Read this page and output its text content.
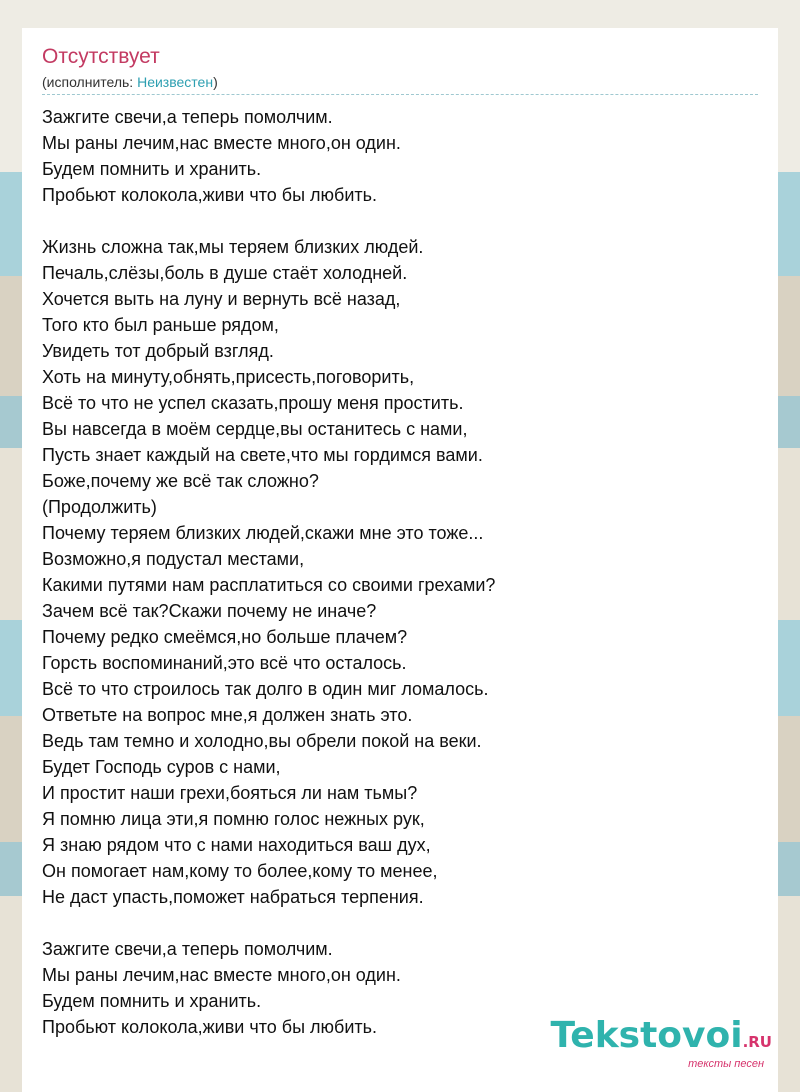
Отсутствует
(исполнитель: Неизвестен)
Зажгите свечи,а теперь помолчим.
Мы раны лечим,нас вместе много,он один.
Будем помнить и хранить.
Пробьют колокола,живи что бы любить.
Жизнь сложна так,мы теряем близких людей.
Печаль,слёзы,боль в душе стаёт холодней.
Хочется выть на луну и вернуть всё назад,
Того кто был раньше рядом,
Увидеть тот добрый взгляд.
Хоть на минуту,обнять,присесть,поговорить,
Всё то что не успел сказать,прошу меня простить.
Вы навсегда в моём сердце,вы останитесь с нами,
Пусть знает каждый на свете,что мы гордимся вами.
Боже,почему же всё так сложно?
(Продолжить)
Почему теряем близких людей,скажи мне это тоже...
Возможно,я подустал местами,
Какими путями нам расплатиться со своими грехами?
Зачем всё так?Скажи почему не иначе?
Почему редко смеёмся,но больше плачем?
Горсть воспоминаний,это всё что осталось.
Всё то что строилось так долго в один миг ломалось.
Ответьте на вопрос мне,я должен знать это.
Ведь там темно и холодно,вы обрели покой на веки.
Будет Господь суров с нами,
И простит наши грехи,бояться ли нам тьмы?
Я помню лица эти,я помню голос нежных рук,
Я знаю рядом что с нами находиться ваш дух,
Он помогает нам,кому то более,кому то менее,
Не даст упасть,поможет набраться терпения.
Зажгите свечи,а теперь помолчим.
Мы раны лечим,нас вместе много,он один.
Будем помнить и хранить.
Пробьют колокола,живи что бы любить.	Tekstovoi.RU
тексты песен
